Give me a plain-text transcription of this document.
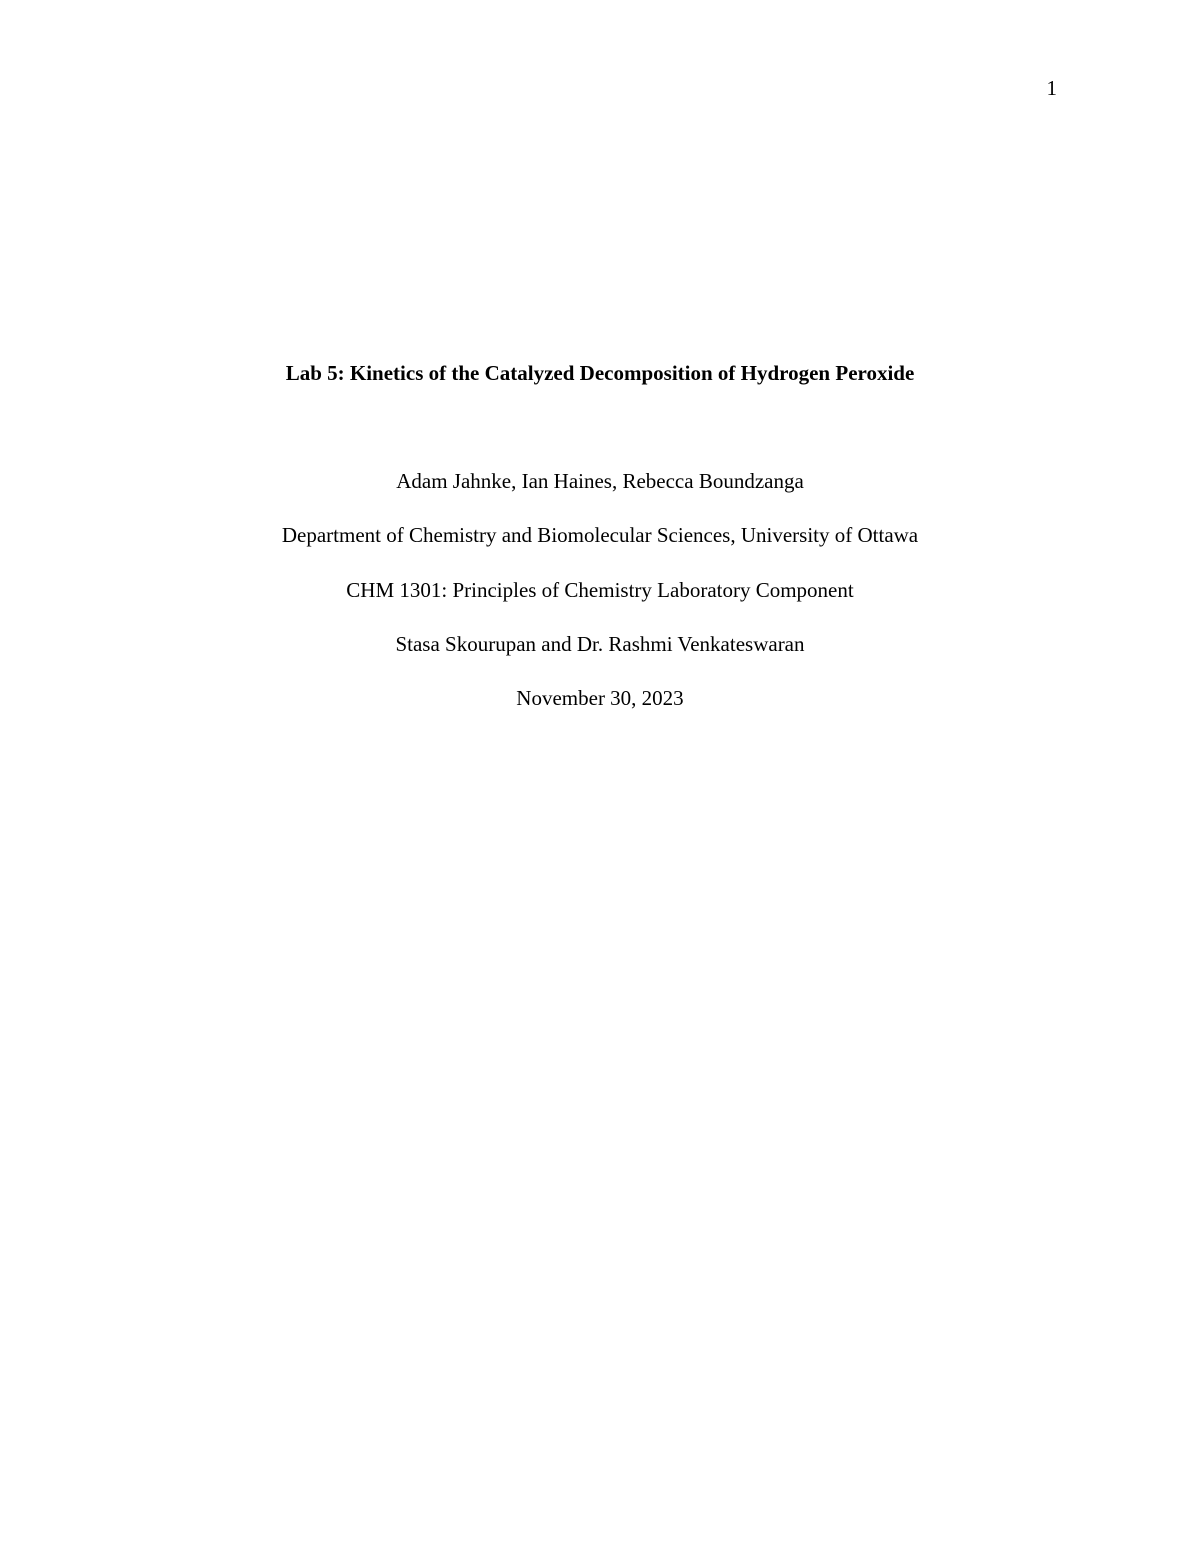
1
Lab 5: Kinetics of the Catalyzed Decomposition of Hydrogen Peroxide

Adam Jahnke, Ian Haines, Rebecca Boundzanga

Department of Chemistry and Biomolecular Sciences, University of Ottawa

CHM 1301: Principles of Chemistry Laboratory Component

Stasa Skourupan and Dr. Rashmi Venkateswaran

November 30, 2023
